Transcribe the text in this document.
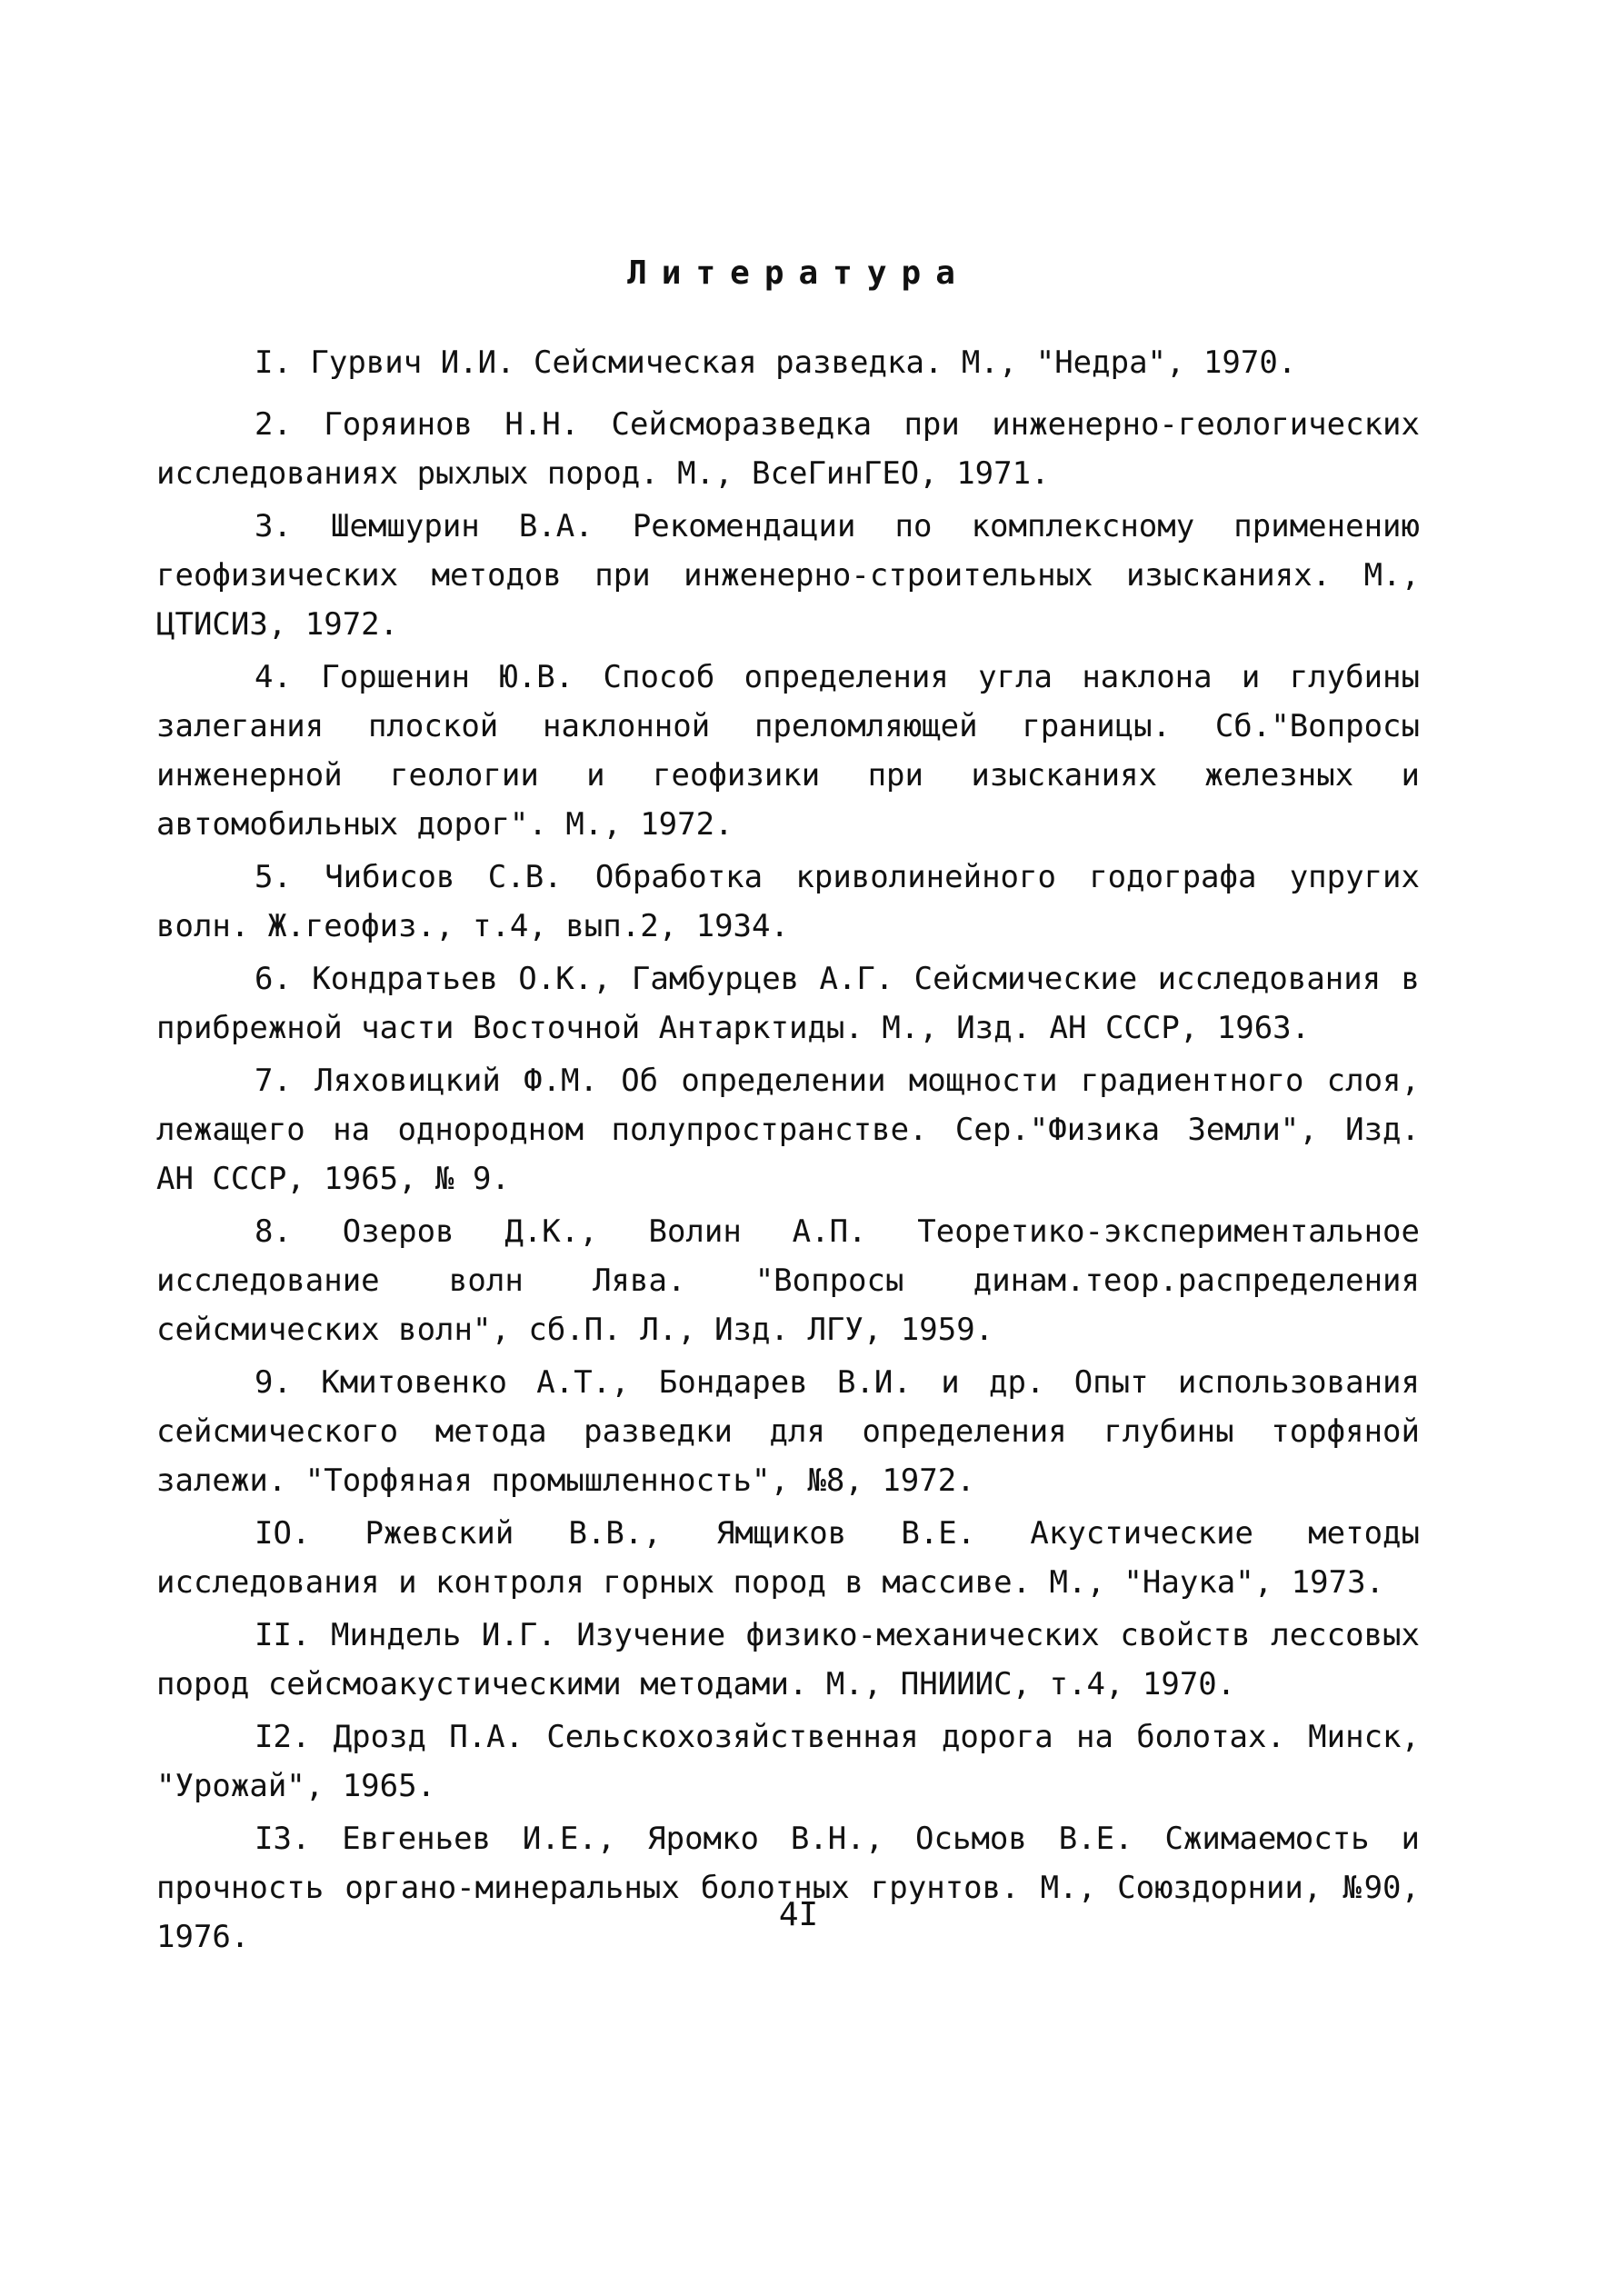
Литература

I. Гурвич И.И. Сейсмическая разведка. М., "Недра", 1970.

2. Горяинов Н.Н. Сейсморазведка при инженерно-геологических исследованиях рыхлых пород. М., ВсеГинГЕО, 1971.

3. Шемшурин В.А. Рекомендации по комплексному применению геофизических методов при инженерно-строительных изысканиях. М., ЦТИСИЗ, 1972.

4. Горшенин Ю.В. Способ определения угла наклона и глубины залегания плоской наклонной преломляющей границы. Сб."Вопросы инженерной геологии и геофизики при изысканиях железных и автомобильных дорог". М., 1972.

5. Чибисов С.В. Обработка криволинейного годографа упругих волн. Ж.геофиз., т.4, вып.2, 1934.

6. Кондратьев О.К., Гамбурцев А.Г. Сейсмические исследования в прибрежной части Восточной Антарктиды. М., Изд. АН СССР, 1963.

7. Ляховицкий Ф.М. Об определении мощности градиентного слоя, лежащего на однородном полупространстве. Сер."Физика Земли", Изд. АН СССР, 1965, № 9.

8. Озеров Д.К., Волин А.П. Теоретико-экспериментальное исследование волн Лява. "Вопросы динам.теор.распределения сейсмических волн", сб.П. Л., Изд. ЛГУ, 1959.

9. Кмитовенко А.Т., Бондарев В.И. и др. Опыт использования сейсмического метода разведки для определения глубины торфяной залежи. "Торфяная промышленность", №8, 1972.

IO. Ржевский В.В., Ямщиков В.Е. Акустические методы исследования и контроля горных пород в массиве. М., "Наука", 1973.

II. Миндель И.Г. Изучение физико-механических свойств лессовых пород сейсмоакустическими методами. М., ПНИИИС, т.4, 1970.

I2. Дрозд П.А. Сельскохозяйственная дорога на болотах. Минск, "Урожай", 1965.

I3. Евгеньев И.Е., Яромко В.Н., Осьмов В.Е. Сжимаемость и прочность органо-минеральных болотных грунтов. М., Союздорнии, №90, 1976.

4I
